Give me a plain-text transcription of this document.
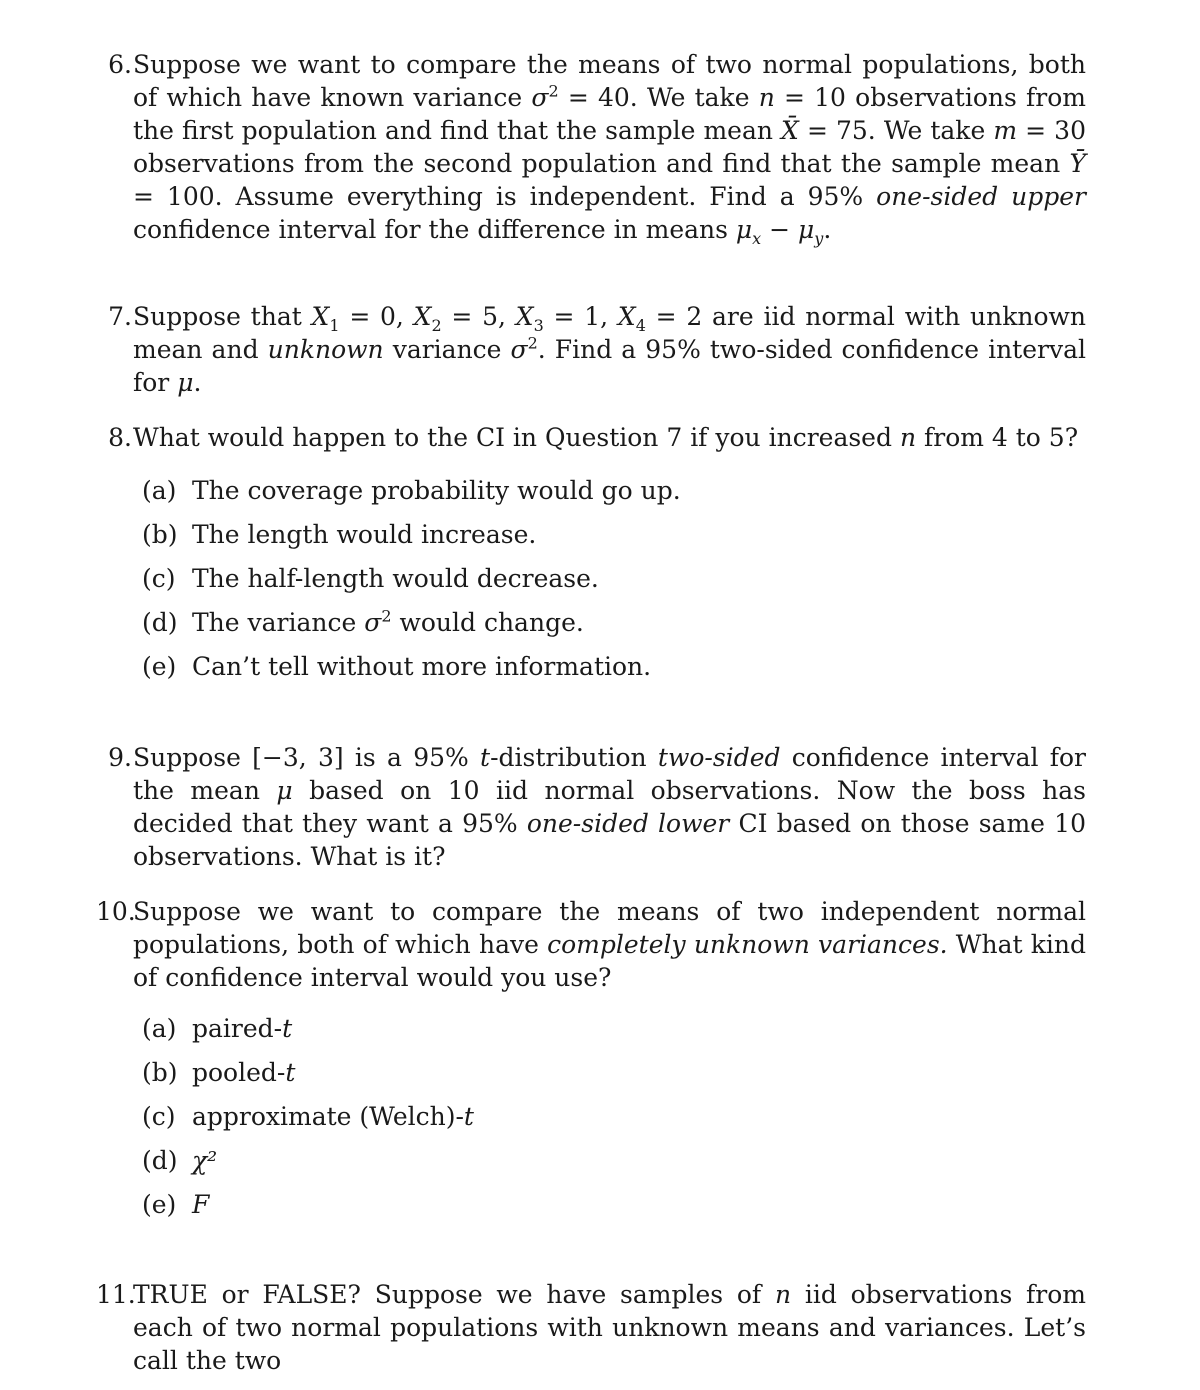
6. Suppose we want to compare the means of two normal populations, both of which have known variance $\sigma^2 = 40$. We take n = 10 observations from the first population and find that the sample mean X̄ = 75. We take m = 30 observations from the second population and find that the sample mean Ȳ = 100. Assume everything is independent. Find a 95% one-sided upper confidence interval for the difference in means $\mu_x - \mu_y$.
7. Suppose that $X_1 = 0$, $X_2 = 5$, $X_3 = 1$, $X_4 = 2$ are iid normal with unknown mean and unknown variance $\sigma^2$. Find a 95% two-sided confidence interval for μ.
8. What would happen to the CI in Question 7 if you increased n from 4 to 5?
(a) The coverage probability would go up.
(b) The length would increase.
(c) The half-length would decrease.
(d) The variance $\sigma^2$ would change.
(e) Can’t tell without more information.
9. Suppose [−3, 3] is a 95% t-distribution two-sided confidence interval for the mean μ based on 10 iid normal observations. Now the boss has decided that they want a 95% one-sided lower CI based on those same 10 observations. What is it?
10.
Suppose we want to compare the means of two independent normal populations, both of which have completely unknown variances. What kind of confidence interval would you use?
(a) paired-t
(b) pooled-t
(c) approximate (Welch)-t
(d) χ²
(e) F
11.
TRUE or FALSE? Suppose we have samples of n iid observations from each of two normal populations with unknown means and variances. Let’s call the two
